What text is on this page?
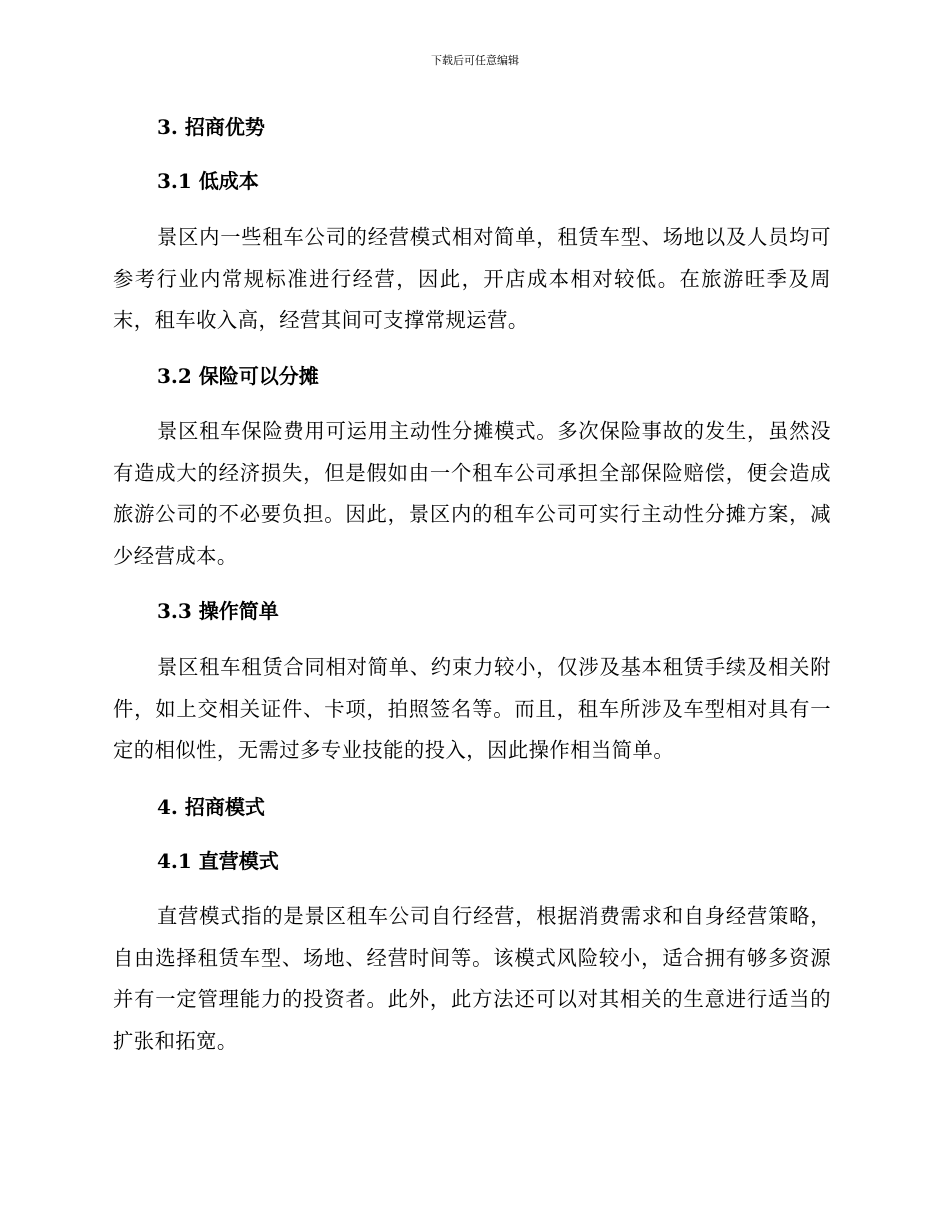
下载后可任意编辑
3. 招商优势
3.1 低成本

景区内一些租车公司的经营模式相对简单，租赁车型、场地以及人员均可参考行业内常规标准进行经营，因此，开店成本相对较低。在旅游旺季及周末，租车收入高，经营其间可支撑常规运营。

3.2 保险可以分摊

景区租车保险费用可运用主动性分摊模式。多次保险事故的发生，虽然没有造成大的经济损失，但是假如由一个租车公司承担全部保险赔偿，便会造成旅游公司的不必要负担。因此，景区内的租车公司可实行主动性分摊方案，减少经营成本。

3.3 操作简单

景区租车租赁合同相对简单、约束力较小，仅涉及基本租赁手续及相关附件，如上交相关证件、卡项，拍照签名等。而且，租车所涉及车型相对具有一定的相似性，无需过多专业技能的投入，因此操作相当简单。

4. 招商模式
4.1 直营模式

直营模式指的是景区租车公司自行经营，根据消费需求和自身经营策略，自由选择租赁车型、场地、经营时间等。该模式风险较小，适合拥有够多资源并有一定管理能力的投资者。此外，此方法还可以对其相关的生意进行适当的扩张和拓宽。
